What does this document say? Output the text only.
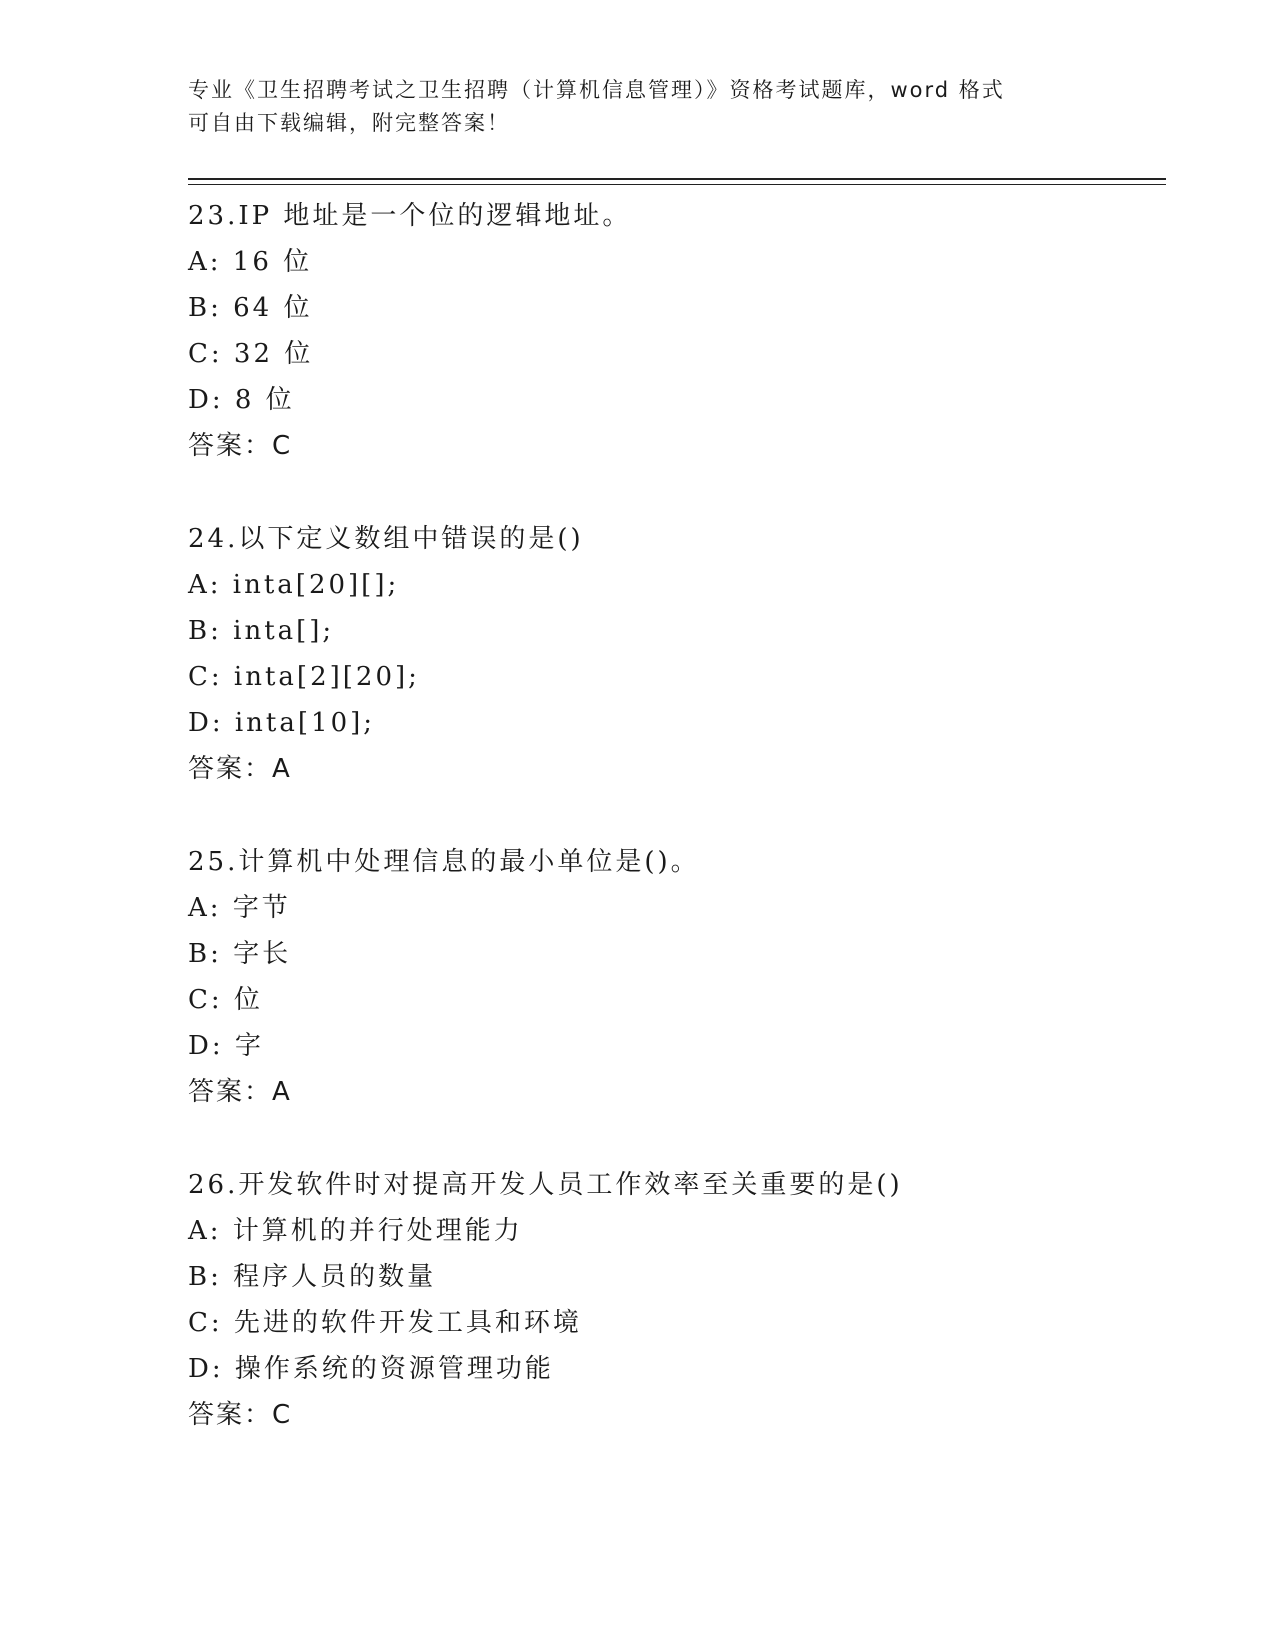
专业《卫生招聘考试之卫生招聘（计算机信息管理）》资格考试题库，word 格式
可自由下载编辑，附完整答案！
23.IP 地址是一个位的逻辑地址。
A: 16 位
B: 64 位
C: 32 位
D: 8 位
答案：C
24.以下定义数组中错误的是()
A: inta[20][];
B: inta[];
C: inta[2][20];
D: inta[10];
答案：A
25.计算机中处理信息的最小单位是()。
A: 字节
B: 字长
C: 位
D: 字
答案：A
26.开发软件时对提高开发人员工作效率至关重要的是()
A: 计算机的并行处理能力
B: 程序人员的数量
C: 先进的软件开发工具和环境
D: 操作系统的资源管理功能
答案：C
